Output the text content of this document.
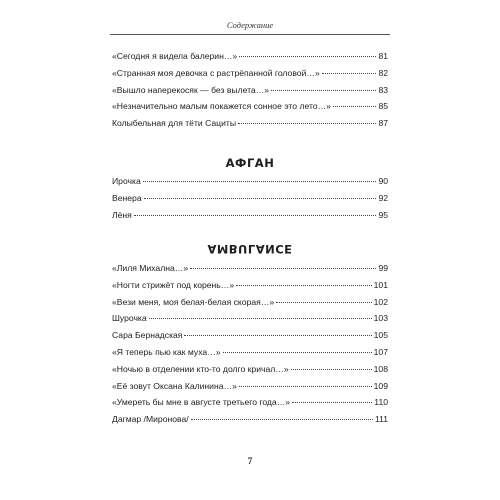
Содержание
«Сегодня я видела балерин…»	81
«Странная моя девочка с растрёпанной головой…»	82
«Вышло наперекосяк — без вылета…»	83
«Незначительно малым покажется сонное это лето…»	85
Колыбельная для тёти Сациты	87
АФГАН
Ирочка	90
Венера	92
Лёня	95
AMBULANCE
«Лиля Михална…»	99
«Ногти стрижёт под корень…»	101
«Вези меня, моя белая-белая скорая…»	102
Шурочка	103
Сара Бернадская	105
«Я теперь пью как муха…»	107
«Ночью в отделении кто-то долго кричал…»	108
«Её зовут Оксана Калинина…»	109
«Умереть бы мне в августе третьего года…»	110
Дагмар /Миронова/	111
7
